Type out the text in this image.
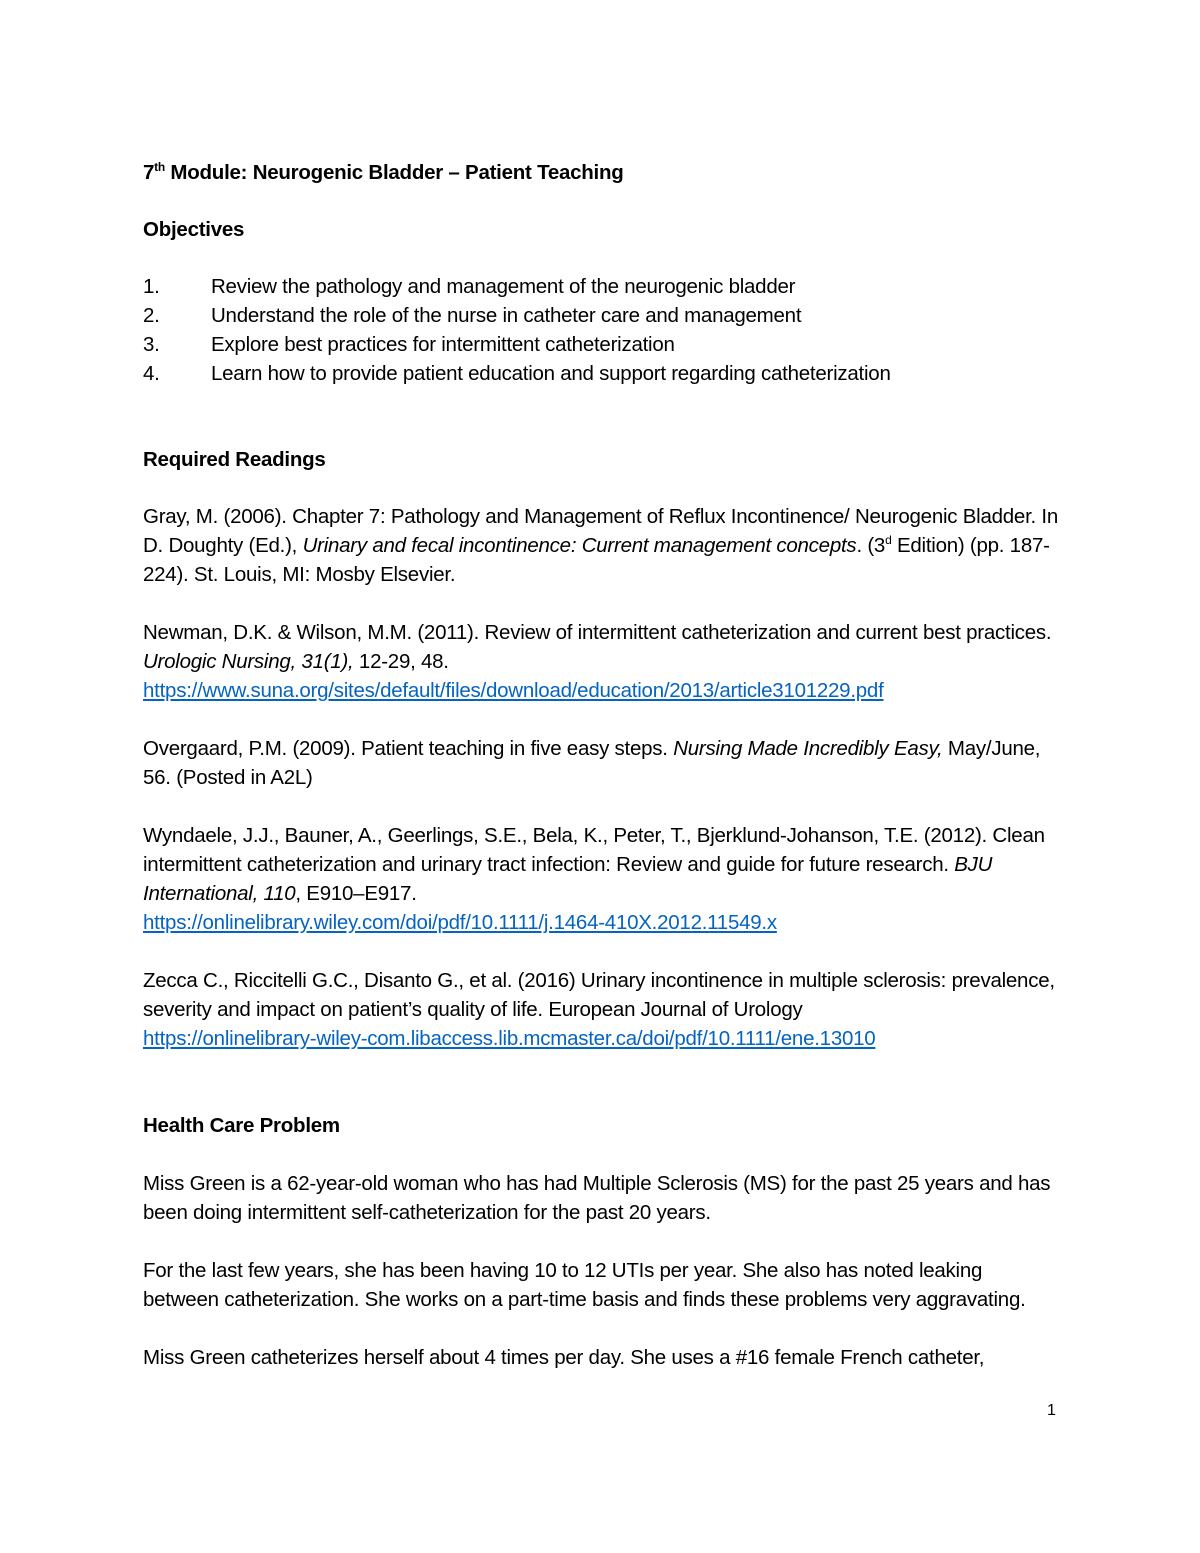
7th Module: Neurogenic Bladder – Patient Teaching

Objectives

1.	Review the pathology and management of the neurogenic bladder
2.	Understand the role of the nurse in catheter care and management
3.	Explore best practices for intermittent catheterization
4.	Learn how to provide patient education and support regarding catheterization

Required Readings

Gray, M. (2006). Chapter 7: Pathology and Management of Reflux Incontinence/ Neurogenic Bladder. In D. Doughty (Ed.), Urinary and fecal incontinence: Current management concepts. (3$^d$ Edition) (pp. 187-224). St. Louis, MI: Mosby Elsevier.

Newman, D.K. & Wilson, M.M. (2011). Review of intermittent catheterization and current best practices. Urologic Nursing, 31(1), 12-29, 48.
https://www.suna.org/sites/default/files/download/education/2013/article3101229.pdf

Overgaard, P.M. (2009). Patient teaching in five easy steps. Nursing Made Incredibly Easy, May/June, 56. (Posted in A2L)

Wyndaele, J.J., Bauner, A., Geerlings, S.E., Bela, K., Peter, T., Bjerklund-Johanson, T.E. (2012). Clean intermittent catheterization and urinary tract infection: Review and guide for future research. BJU International, 110, E910–E917.
https://onlinelibrary.wiley.com/doi/pdf/10.1111/j.1464-410X.2012.11549.x

Zecca C., Riccitelli G.C., Disanto G., et al. (2016) Urinary incontinence in multiple sclerosis: prevalence, severity and impact on patient’s quality of life. European Journal of Urology
https://onlinelibrary-wiley-com.libaccess.lib.mcmaster.ca/doi/pdf/10.1111/ene.13010

Health Care Problem

Miss Green is a 62-year-old woman who has had Multiple Sclerosis (MS) for the past 25 years and has been doing intermittent self-catheterization for the past 20 years.

For the last few years, she has been having 10 to 12 UTIs per year. She also has noted leaking between catheterization. She works on a part-time basis and finds these problems very aggravating.

Miss Green catheterizes herself about 4 times per day. She uses a #16 female French catheter,

1
